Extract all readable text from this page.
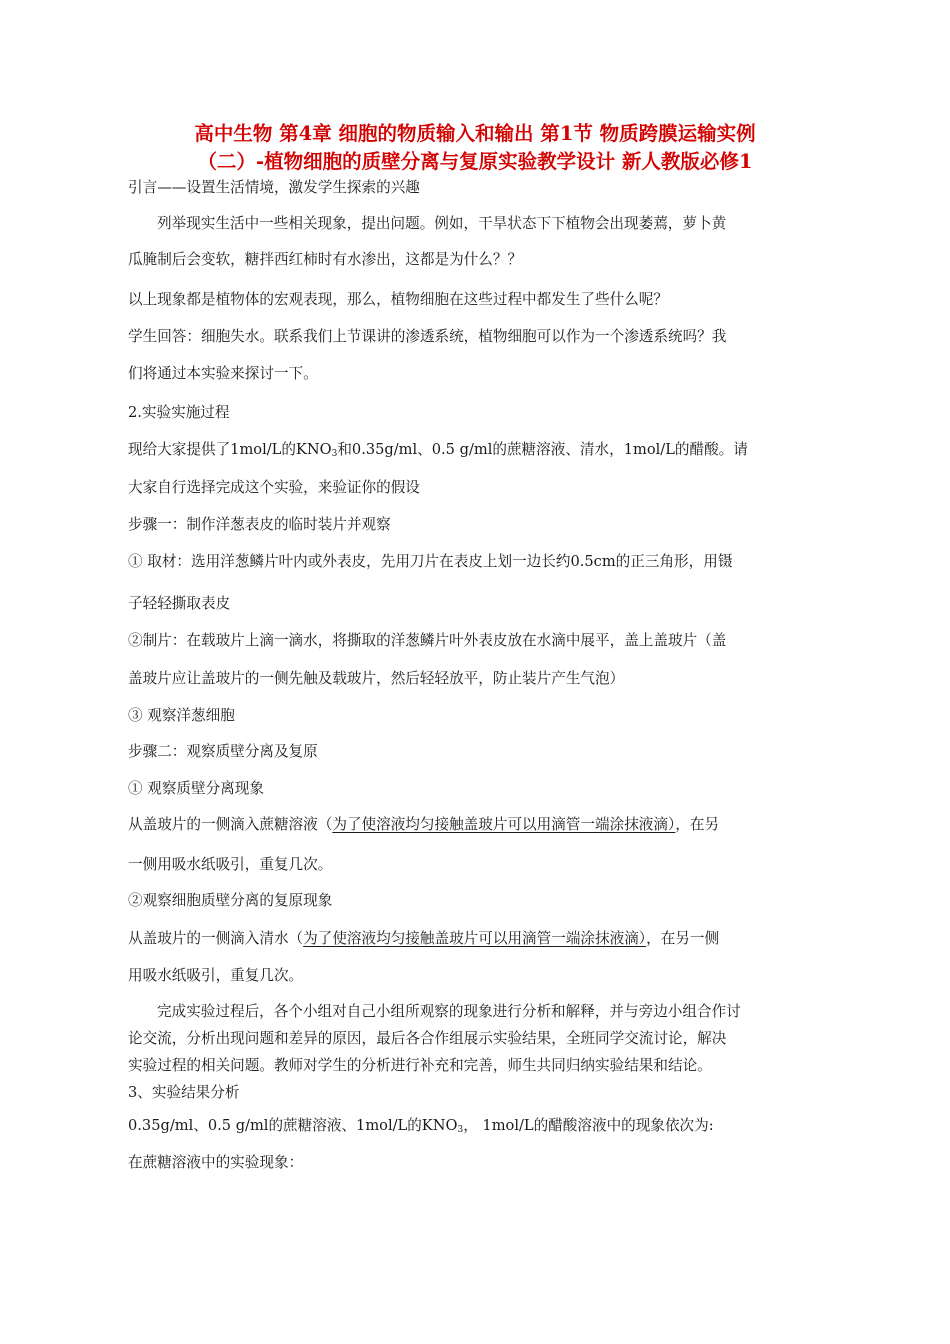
高中生物 第4章 细胞的物质输入和输出 第1节 物质跨膜运输实例
（二）-植物细胞的质壁分离与复原实验教学设计 新人教版必修1
引言——设置生活情境，激发学生探索的兴趣
列举现实生活中一些相关现象，提出问题。例如，干旱状态下下植物会出现萎蔫，萝卜黄
瓜腌制后会变软，糖拌西红柿时有水渗出，这都是为什么？？
以上现象都是植物体的宏观表现，那么，植物细胞在这些过程中都发生了些什么呢？
学生回答：细胞失水。联系我们上节课讲的渗透系统，植物细胞可以作为一个渗透系统吗？我
们将通过本实验来探讨一下。
2.实验实施过程
现给大家提供了1mol/L的$KNO_3$和0.35g/ml、0.5 g/ml的蔗糖溶液、清水，1mol/L的醋酸。请
大家自行选择完成这个实验，来验证你的假设
步骤一：制作洋葱表皮的临时装片并观察
① 取材：选用洋葱鳞片叶内或外表皮，先用刀片在表皮上划一边长约0.5cm的正三角形，用镊
子轻轻撕取表皮
②制片：在载玻片上滴一滴水，将撕取的洋葱鳞片叶外表皮放在水滴中展平，盖上盖玻片（盖
盖玻片应让盖玻片的一侧先触及载玻片，然后轻轻放平，防止装片产生气泡）
③ 观察洋葱细胞
步骤二：观察质壁分离及复原
① 观察质壁分离现象
从盖玻片的一侧滴入蔗糖溶液（为了使溶液均匀接触盖玻片可以用滴管一端涂抹液滴），在另
一侧用吸水纸吸引，重复几次。
②观察细胞质壁分离的复原现象
从盖玻片的一侧滴入清水（为了使溶液均匀接触盖玻片可以用滴管一端涂抹液滴），在另一侧
用吸水纸吸引，重复几次。
完成实验过程后，各个小组对自己小组所观察的现象进行分析和解释，并与旁边小组合作讨
论交流，分析出现问题和差异的原因，最后各合作组展示实验结果，全班同学交流讨论，解决
实验过程的相关问题。教师对学生的分析进行补充和完善，师生共同归纳实验结果和结论。
3、实验结果分析
0.35g/ml、0.5 g/ml的蔗糖溶液、1mol/L的$KNO_3$， 1mol/L的醋酸溶液中的现象依次为:
在蔗糖溶液中的实验现象：
